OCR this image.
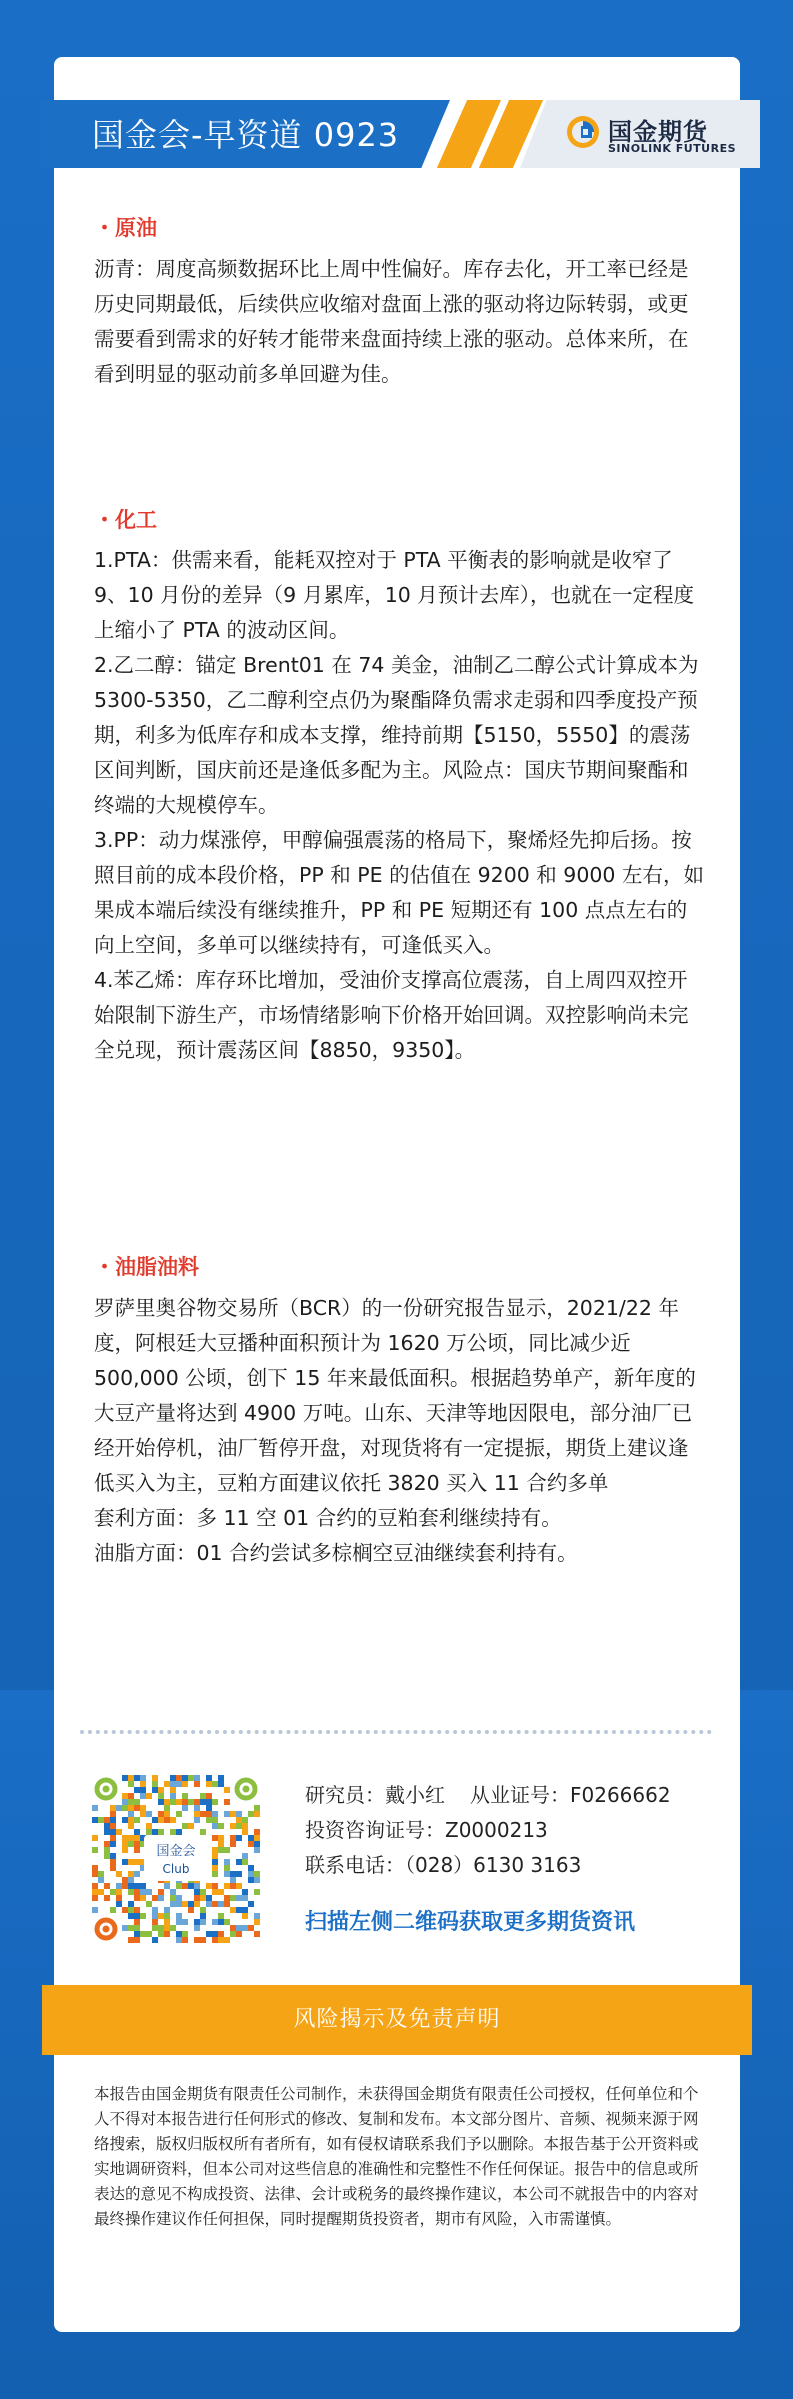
国金会-早资道 0923	国金期货
SINOLINK FUTURES
・原油

沥青：周度高频数据环比上周中性偏好。库存去化，开工率已经是历史同期最低，后续供应收缩对盘面上涨的驱动将边际转弱，或更需要看到需求的好转才能带来盘面持续上涨的驱动。总体来所，在看到明显的驱动前多单回避为佳。

・化工

1.PTA：供需来看，能耗双控对于 PTA 平衡表的影响就是收窄了 9、10 月份的差异（9 月累库，10 月预计去库），也就在一定程度上缩小了 PTA 的波动区间。

2.乙二醇：锚定 Brent01 在 74 美金，油制乙二醇公式计算成本为 5300-5350，乙二醇利空点仍为聚酯降负需求走弱和四季度投产预期，利多为低库存和成本支撑，维持前期【5150，5550】的震荡区间判断，国庆前还是逢低多配为主。风险点：国庆节期间聚酯和终端的大规模停车。

3.PP：动力煤涨停，甲醇偏强震荡的格局下，聚烯烃先抑后扬。按照目前的成本段价格，PP 和 PE 的估值在 9200 和 9000 左右，如果成本端后续没有继续推升，PP 和 PE 短期还有 100 点点左右的向上空间，多单可以继续持有，可逢低买入。

4.苯乙烯：库存环比增加，受油价支撑高位震荡，自上周四双控开始限制下游生产，市场情绪影响下价格开始回调。双控影响尚未完全兑现，预计震荡区间【8850，9350】。

・油脂油料

罗萨里奥谷物交易所（BCR）的一份研究报告显示，2021/22 年度，阿根廷大豆播种面积预计为 1620 万公顷，同比减少近 500,000 公顷，创下 15 年来最低面积。根据趋势单产，新年度的大豆产量将达到 4900 万吨。山东、天津等地因限电，部分油厂已经开始停机，油厂暂停开盘，对现货将有一定提振，期货上建议逢低买入为主，豆粕方面建议依托 3820 买入 11 合约多单

套利方面：多 11 空 01 合约的豆粕套利继续持有。

油脂方面：01 合约尝试多棕榈空豆油继续套利持有。

国金会
Club
研究员：戴小红 从业证号：F0266662
投资咨询证号：Z0000213
联系电话：（028）6130 3163
扫描左侧二维码获取更多期货资讯
风险揭示及免责声明
本报告由国金期货有限责任公司制作，未获得国金期货有限责任公司授权，任何单位和个人不得对本报告进行任何形式的修改、复制和发布。本文部分图片、音频、视频来源于网络搜索，版权归版权所有者所有，如有侵权请联系我们予以删除。本报告基于公开资料或实地调研资料，但本公司对这些信息的准确性和完整性不作任何保证。报告中的信息或所表达的意见不构成投资、法律、会计或税务的最终操作建议，本公司不就报告中的内容对最终操作建议作任何担保，同时提醒期货投资者，期市有风险，入市需谨慎。
